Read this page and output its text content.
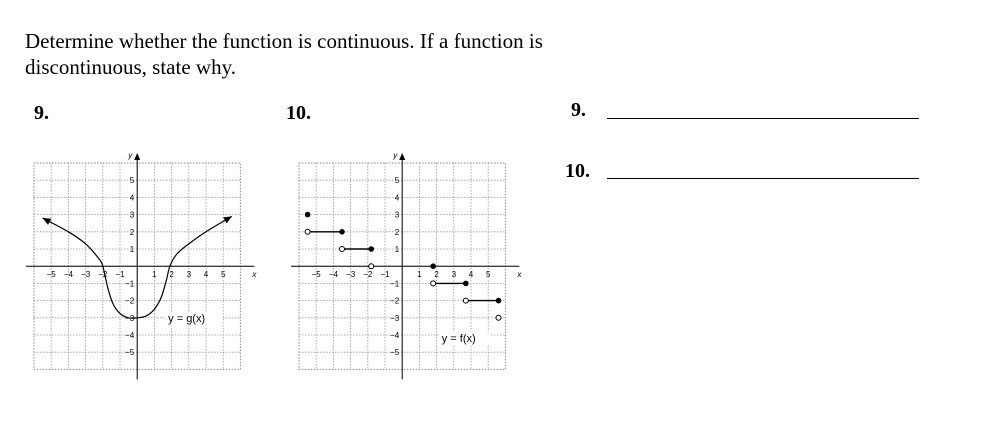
Determine whether the function is continuous. If a function is discontinuous, state why.
9.	10.	9.
10.
x
y
−5
5
−4
4
−3
3
−2
2
−1
1
1
−1
2
−2
3
−3
4
−4
5
−5
y = g(x)
x
y
−5
5
−4
4
−3
3
−2
2
−1
1
1
−1
2
−2
3
−3
4
−4
5
−5
y = f(x)
